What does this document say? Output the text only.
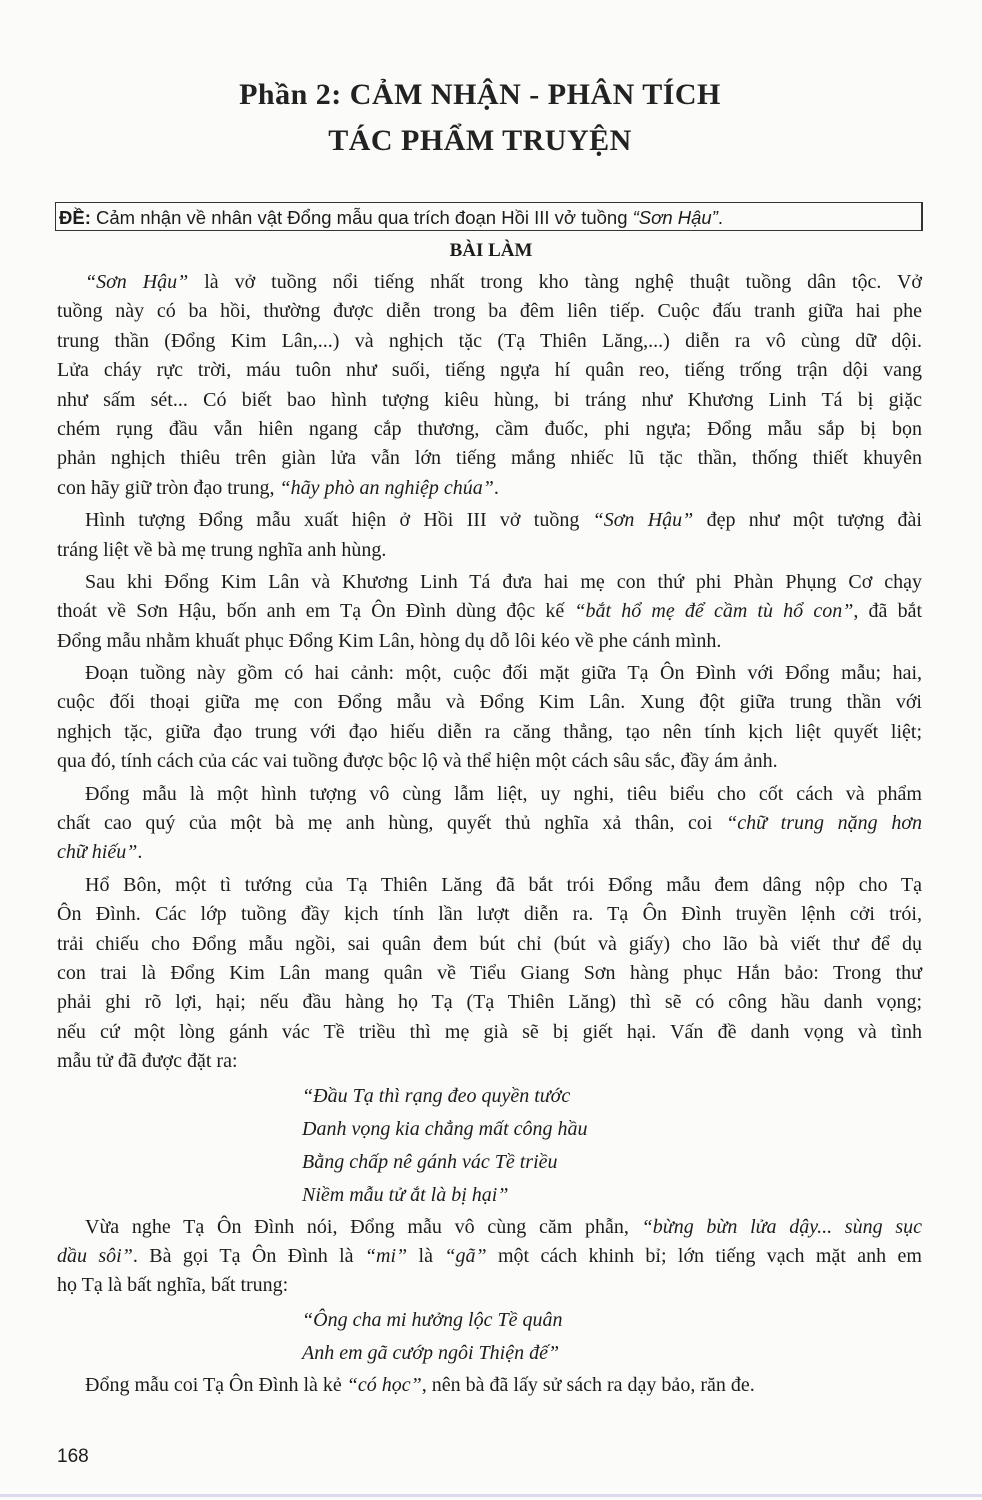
Phần 2: CẢM NHẬN - PHÂN TÍCH
TÁC PHẨM TRUYỆN
ĐỀ: Cảm nhận về nhân vật Đổng mẫu qua trích đoạn Hồi III vở tuồng “Sơn Hậu”.
BÀI LÀM
“Sơn Hậu” là vở tuồng nổi tiếng nhất trong kho tàng nghệ thuật tuồng dân tộc. Vở
tuồng này có ba hồi, thường được diễn trong ba đêm liên tiếp. Cuộc đấu tranh giữa hai phe
trung thần (Đổng Kim Lân,...) và nghịch tặc (Tạ Thiên Lăng,...) diễn ra vô cùng dữ dội.
Lửa cháy rực trời, máu tuôn như suối, tiếng ngựa hí quân reo, tiếng trống trận dội vang
như sấm sét... Có biết bao hình tượng kiêu hùng, bi tráng như Khương Linh Tá bị giặc
chém rụng đầu vẫn hiên ngang cắp thương, cầm đuốc, phi ngựa; Đổng mẫu sắp bị bọn
phản nghịch thiêu trên giàn lửa vẫn lớn tiếng mắng nhiếc lũ tặc thần, thống thiết khuyên
con hãy giữ tròn đạo trung, “hãy phò an nghiệp chúa”.
Hình tượng Đổng mẫu xuất hiện ở Hồi III vở tuồng “Sơn Hậu” đẹp như một tượng đài
tráng liệt về bà mẹ trung nghĩa anh hùng.
Sau khi Đổng Kim Lân và Khương Linh Tá đưa hai mẹ con thứ phi Phàn Phụng Cơ chạy
thoát về Sơn Hậu, bốn anh em Tạ Ôn Đình dùng độc kế “bắt hổ mẹ để cầm tù hổ con”, đã bắt
Đổng mẫu nhằm khuất phục Đổng Kim Lân, hòng dụ dỗ lôi kéo về phe cánh mình.
Đoạn tuồng này gồm có hai cảnh: một, cuộc đối mặt giữa Tạ Ôn Đình với Đổng mẫu; hai,
cuộc đối thoại giữa mẹ con Đổng mẫu và Đổng Kim Lân. Xung đột giữa trung thần với
nghịch tặc, giữa đạo trung với đạo hiếu diễn ra căng thẳng, tạo nên tính kịch liệt quyết liệt;
qua đó, tính cách của các vai tuồng được bộc lộ và thể hiện một cách sâu sắc, đầy ám ảnh.
Đổng mẫu là một hình tượng vô cùng lẫm liệt, uy nghi, tiêu biểu cho cốt cách và phẩm
chất cao quý của một bà mẹ anh hùng, quyết thủ nghĩa xả thân, coi “chữ trung nặng hơn
chữ hiếu”.
Hổ Bôn, một tì tướng của Tạ Thiên Lăng đã bắt trói Đổng mẫu đem dâng nộp cho Tạ
Ôn Đình. Các lớp tuồng đầy kịch tính lần lượt diễn ra. Tạ Ôn Đình truyền lệnh cởi trói,
trải chiếu cho Đổng mẫu ngồi, sai quân đem bút chỉ (bút và giấy) cho lão bà viết thư để dụ
con trai là Đổng Kim Lân mang quân về Tiểu Giang Sơn hàng phục Hắn bảo: Trong thư
phải ghi rõ lợi, hại; nếu đầu hàng họ Tạ (Tạ Thiên Lăng) thì sẽ có công hầu danh vọng;
nếu cứ một lòng gánh vác Tề triều thì mẹ già sẽ bị giết hại. Vấn đề danh vọng và tình
mẫu tử đã được đặt ra:
“Đầu Tạ thì rạng đeo quyền tước
Danh vọng kia chẳng mất công hầu
Bằng chấp nê gánh vác Tề triều
Niềm mẫu tử ắt là bị hại”
Vừa nghe Tạ Ôn Đình nói, Đổng mẫu vô cùng căm phẫn, “bừng bừn lửa dậy... sùng sục
dầu sôi”. Bà gọi Tạ Ôn Đình là “mi” là “gã” một cách khinh bỉ; lớn tiếng vạch mặt anh em
họ Tạ là bất nghĩa, bất trung:
“Ông cha mi hưởng lộc Tề quân
Anh em gã cướp ngôi Thiện đế”
Đổng mẫu coi Tạ Ôn Đình là kẻ “có học”, nên bà đã lấy sử sách ra dạy bảo, răn đe.
168
